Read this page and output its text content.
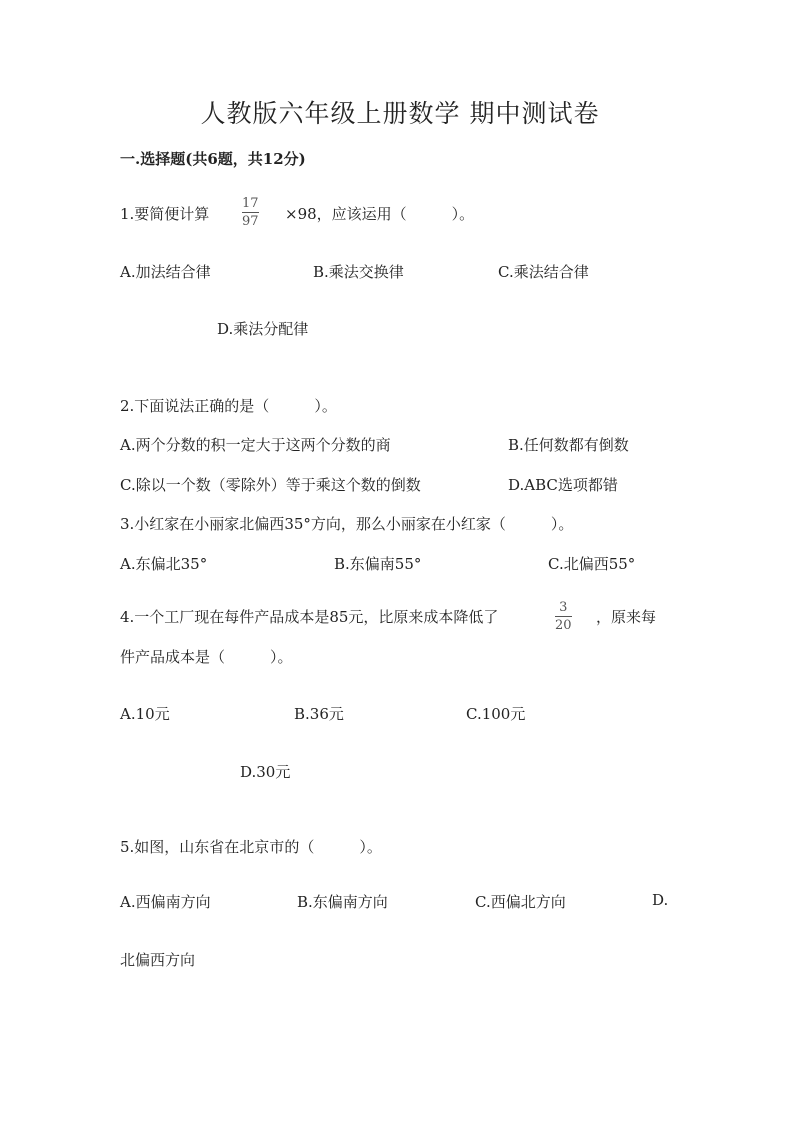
人教版六年级上册数学 期中测试卷
一.选择题(共6题，共12分)
1.要简便计算
17
97 ×98，应该运用（　　　）。
A.加法结合律	B.乘法交换律	C.乘法结合律
D.乘法分配律
2.下面说法正确的是（　　　）。
A.两个分数的积一定大于这两个分数的商	B.任何数都有倒数
C.除以一个数（零除外）等于乘这个数的倒数	D.ABC选项都错
3.小红家在小丽家北偏西35°方向，那么小丽家在小红家（　　　）。
A.东偏北35°	B.东偏南55°	C.北偏西55°
4.一个工厂现在每件产品成本是85元，比原来成本降低了
3
20 ，原来每
件产品成本是（　　　）。
A.10元	B.36元	C.100元
D.30元
5.如图，山东省在北京市的（　　　）。
A.西偏南方向	B.东偏南方向	C.西偏北方向	D.
北偏西方向
